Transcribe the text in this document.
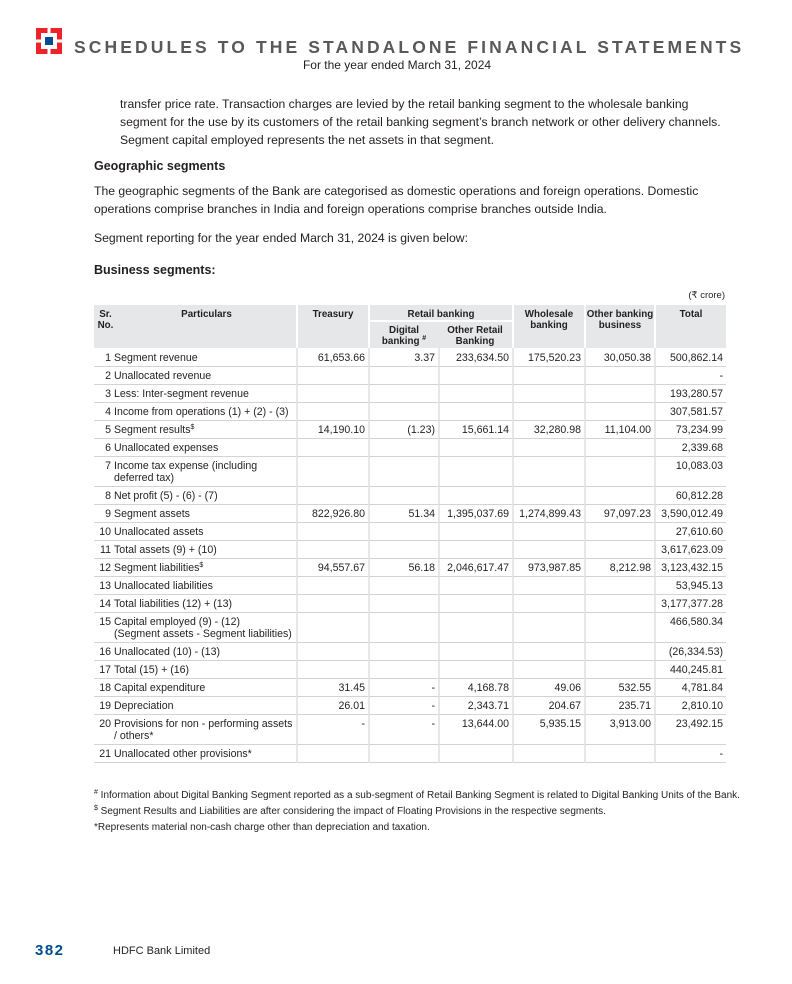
SCHEDULES TO THE STANDALONE FINANCIAL STATEMENTS
For the year ended March 31, 2024
transfer price rate. Transaction charges are levied by the retail banking segment to the wholesale banking segment for the use by its customers of the retail banking segment’s branch network or other delivery channels. Segment capital employed represents the net assets in that segment.
Geographic segments
The geographic segments of the Bank are categorised as domestic operations and foreign operations. Domestic operations comprise branches in India and foreign operations comprise branches outside India.
Segment reporting for the year ended March 31, 2024 is given below:
Business segments:
(₹ crore)
Sr. No.	Particulars	Treasury	Retail banking		Wholesale banking	Other banking business	Total
			Digital banking #	Other Retail Banking			
1	Segment revenue	61,653.66	3.37	233,634.50	175,520.23	30,050.38	500,862.14
2	Unallocated revenue						-
3	Less: Inter-segment revenue						193,280.57
4	Income from operations (1) + (2) - (3)						307,581.57
5	Segment results$	14,190.10	(1.23)	15,661.14	32,280.98	11,104.00	73,234.99
6	Unallocated expenses						2,339.68
7	Income tax expense (including
deferred tax)						10,083.03
8	Net profit (5) - (6) - (7)						60,812.28
9	Segment assets	822,926.80	51.34	1,395,037.69	1,274,899.43	97,097.23	3,590,012.49
10	Unallocated assets						27,610.60
11	Total assets (9) + (10)						3,617,623.09
12	Segment liabilities$	94,557.67	56.18	2,046,617.47	973,987.85	8,212.98	3,123,432.15
13	Unallocated liabilities						53,945.13
14	Total liabilities (12) + (13)						3,177,377.28
15	Capital employed (9) - (12)
(Segment assets - Segment liabilities)						466,580.34
16	Unallocated (10) - (13)						(26,334.53)
17	Total (15) + (16)						440,245.81
18	Capital expenditure	31.45	-	4,168.78	49.06	532.55	4,781.84
19	Depreciation	26.01	-	2,343.71	204.67	235.71	2,810.10
20	Provisions for non - performing assets
/ others*	-	-	13,644.00	5,935.15	3,913.00	23,492.15
21	Unallocated other provisions*						-
# Information about Digital Banking Segment reported as a sub-segment of Retail Banking Segment is related to Digital Banking Units of the Bank.
$ Segment Results and Liabilities are after considering the impact of Floating Provisions in the respective segments.
*Represents material non-cash charge other than depreciation and taxation.
382	HDFC Bank Limited
